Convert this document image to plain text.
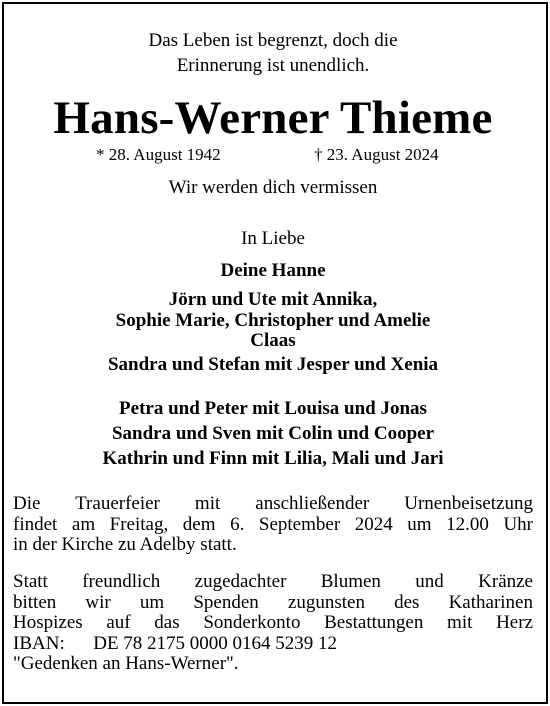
Das Leben ist begrenzt, doch die
Erinnerung ist unendlich.
Hans-Werner Thieme
* 28. August 1942	† 23. August 2024
Wir werden dich vermissen
In Liebe
Deine Hanne
Jörn und Ute mit Annika,
Sophie Marie, Christopher und Amelie
Claas
Sandra und Stefan mit Jesper und Xenia
Petra und Peter mit Louisa und Jonas
Sandra und Sven mit Colin und Cooper
Kathrin und Finn mit Lilia, Mali und Jari
Die Trauerfeier mit anschließender Urnenbeisetzung
findet am Freitag, dem 6. September 2024 um 12.00 Uhr
in der Kirche zu Adelby statt.
Statt freundlich zugedachter Blumen und Kränze
bitten wir um Spenden zugunsten des Katharinen
Hospizes auf das Sonderkonto Bestattungen mit Herz
IBAN:      DE 78 2175 0000 0164 5239 12
"Gedenken an Hans-Werner".
